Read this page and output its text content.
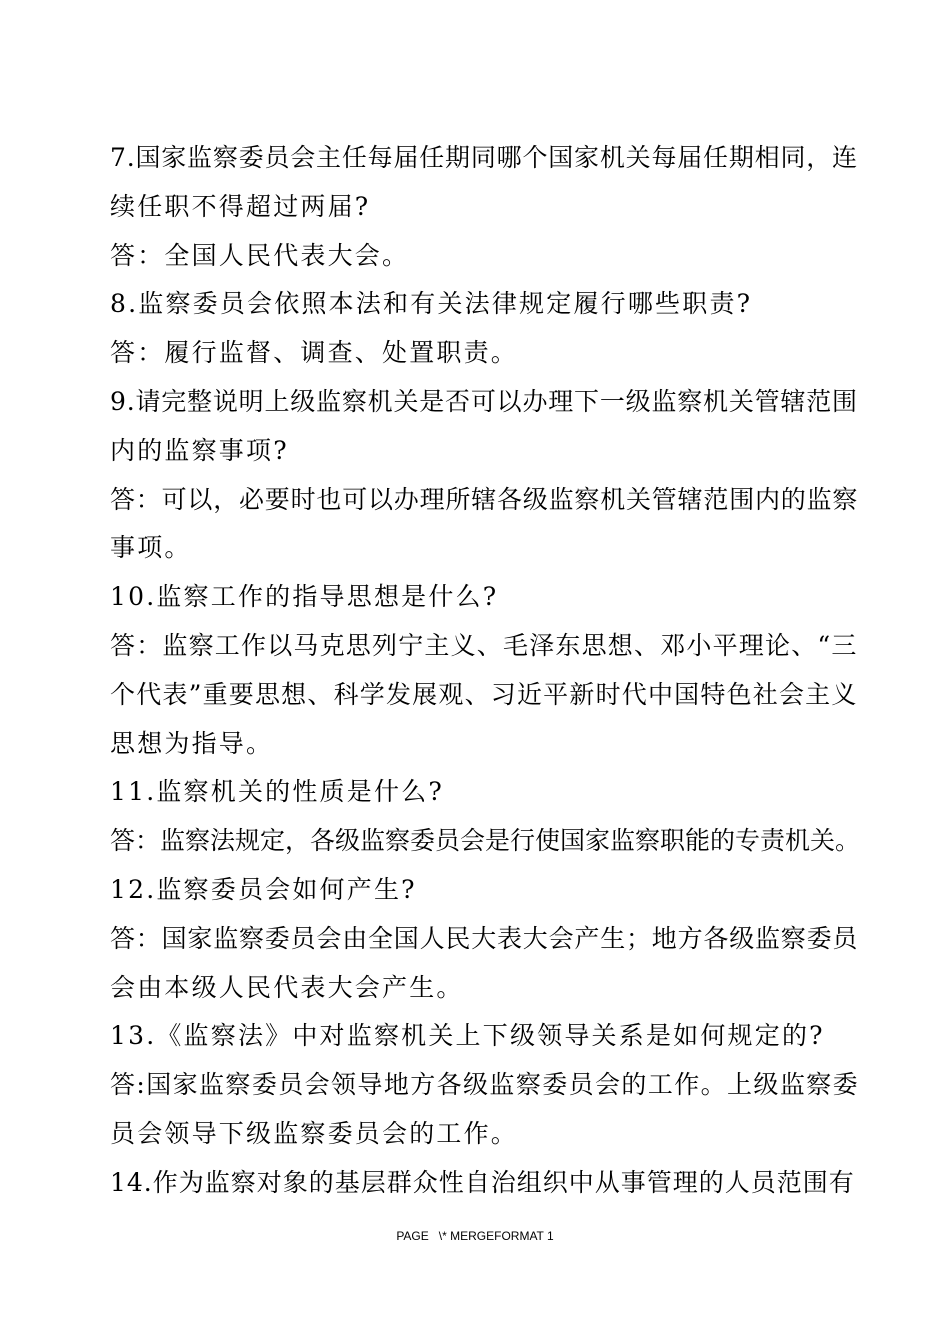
7.国家监察委员会主任每届任期同哪个国家机关每届任期相同，连
续任职不得超过两届?
答：全国人民代表大会。
8.监察委员会依照本法和有关法律规定履行哪些职责?
答：履行监督、调查、处置职责。
9.请完整说明上级监察机关是否可以办理下一级监察机关管辖范围
内的监察事项?
答：可以，必要时也可以办理所辖各级监察机关管辖范围内的监察
事项。
10.监察工作的指导思想是什么?
答：监察工作以马克思列宁主义、毛泽东思想、邓小平理论、“三
个代表”重要思想、科学发展观、习近平新时代中国特色社会主义
思想为指导。
11.监察机关的性质是什么?
答：监察法规定，各级监察委员会是行使国家监察职能的专责机关。
12.监察委员会如何产生?
答：国家监察委员会由全国人民大表大会产生；地方各级监察委员
会由本级人民代表大会产生。
13.《监察法》中对监察机关上下级领导关系是如何规定的?
答:国家监察委员会领导地方各级监察委员会的工作。上级监察委
员会领导下级监察委员会的工作。
14.作为监察对象的基层群众性自治组织中从事管理的人员范围有
PAGE   \* MERGEFORMAT 1
